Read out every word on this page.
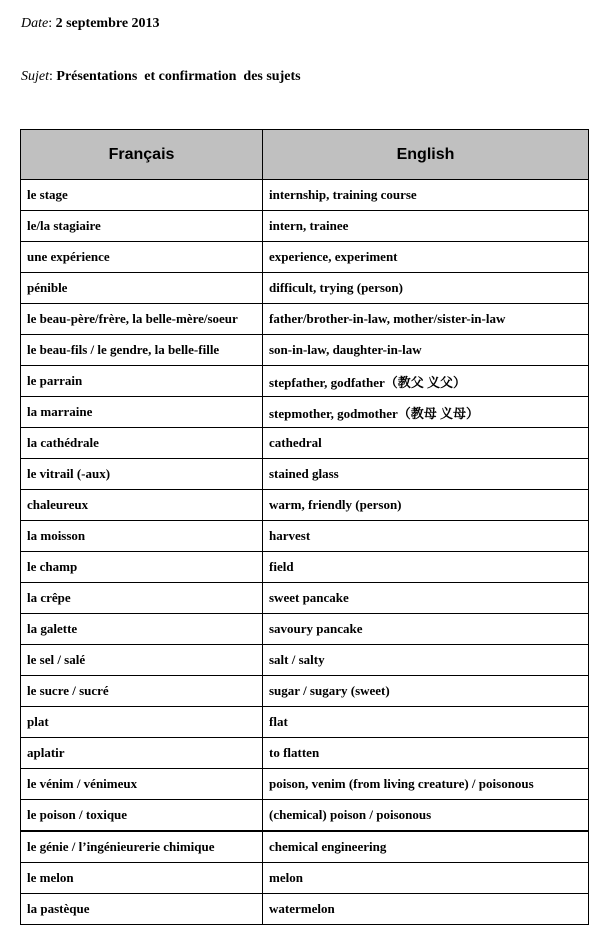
Date: 2 septembre 2013
Sujet: Présentations  et confirmation  des sujets
Français	English
le stage	internship, training course
le/la stagiaire	intern, trainee
une expérience	experience, experiment
pénible	difficult, trying (person)
le beau-père/frère, la belle-mère/soeur	father/brother-in-law, mother/sister-in-law
le beau-fils / le gendre, la belle-fille	son-in-law, daughter-in-law
le parrain	stepfather, godfather（教父 义父）
la marraine	stepmother, godmother（教母 义母）
la cathédrale	cathedral
le vitrail (-aux)	stained glass
chaleureux	warm, friendly (person)
la moisson	harvest
le champ	field
la crêpe	sweet pancake
la galette	savoury pancake
le sel / salé	salt / salty
le sucre / sucré	sugar / sugary (sweet)
plat	flat
aplatir	to flatten
le vénim / vénimeux	poison, venim (from living creature) / poisonous
le poison / toxique	(chemical) poison / poisonous
le génie / l’ingénieurerie chimique	chemical engineering
le melon	melon
la pastèque	watermelon
